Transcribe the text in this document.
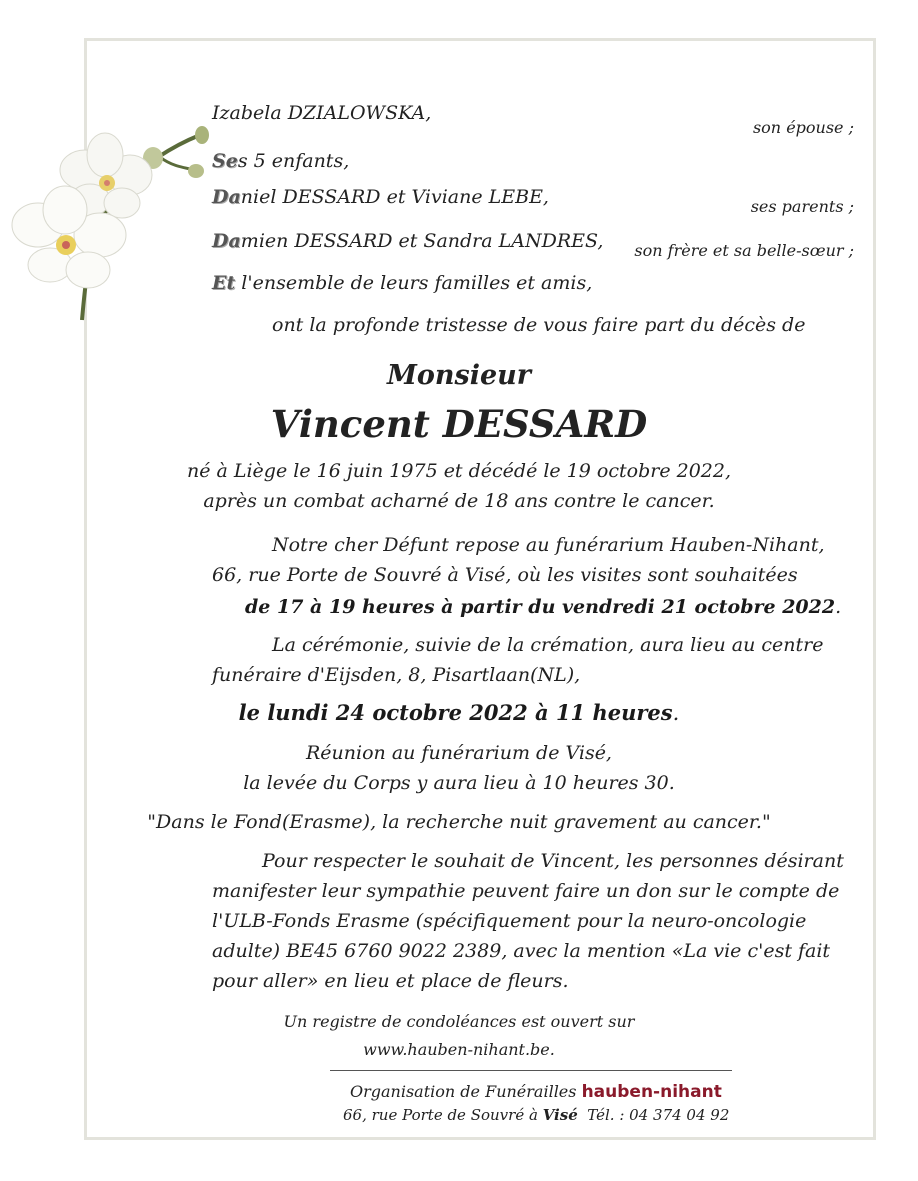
Izabela DZIALOWSKA,
son épouse ;
Ses 5 enfants,
Daniel DESSARD et Viviane LEBE,	ses parents ;
Damien DESSARD et Sandra LANDRES, son frère et sa belle-sœur ;
Et l'ensemble de leurs familles et amis,
ont la profonde tristesse de vous faire part du décès de
Monsieur
Vincent DESSARD
né à Liège le 16 juin 1975 et décédé le 19 octobre 2022,
après un combat acharné de 18 ans contre le cancer.
Notre cher Défunt repose au funérarium Hauben-Nihant,
66, rue Porte de Souvré à Visé, où les visites sont souhaitées
de 17 à 19 heures à partir du vendredi 21 octobre 2022.
La cérémonie, suivie de la crémation, aura lieu au centre
funéraire d'Eijsden, 8, Pisartlaan(NL),
le lundi 24 octobre 2022 à 11 heures.
Réunion au funérarium de Visé,
la levée du Corps y aura lieu à 10 heures 30.
"Dans le Fond(Erasme), la recherche nuit gravement au cancer."
Pour respecter le souhait de Vincent, les personnes désirant
manifester leur sympathie peuvent faire un don sur le compte de
l'ULB-Fonds Erasme (spécifiquement pour la neuro-oncologie
adulte) BE45 6760 9022 2389, avec la mention «La vie c'est fait
pour aller» en lieu et place de fleurs.
Un registre de condoléances est ouvert sur
www.hauben-nihant.be.
Organisation de Funérailles hauben-nihant
66, rue Porte de Souvré à Visé Tél. : 04 374 04 92
